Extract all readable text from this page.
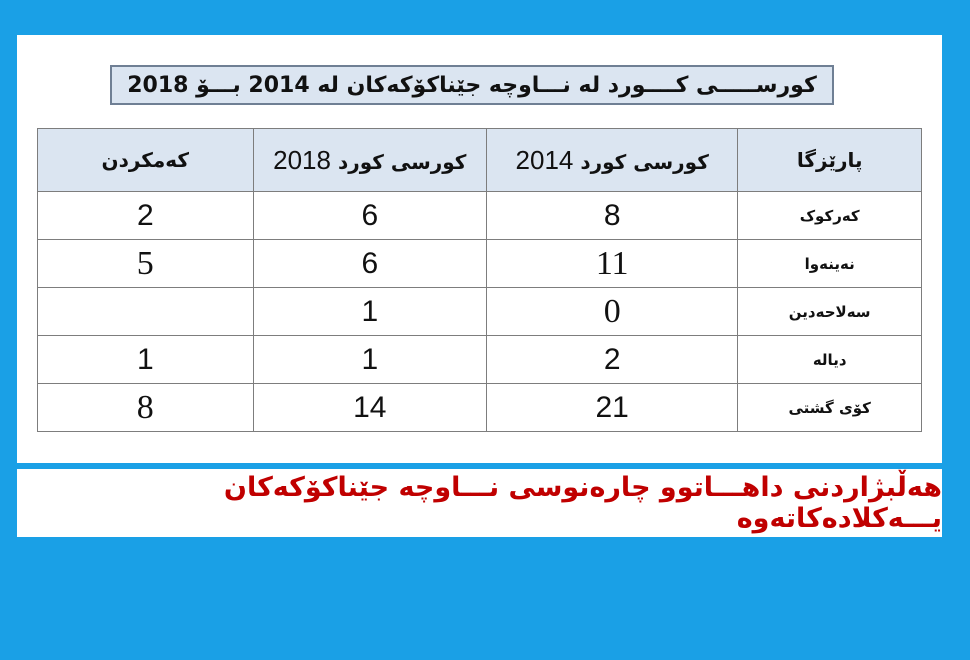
کورســـــی کــــورد لە نـــاوچە جێناکۆکەکان لە 2014 بـــۆ 2018
پارێزگا	کورسی کورد 2014	کورسی کورد 2018	کەمکردن
کەرکوک	8	6	2
نەینەوا	11	6	5
سەلاحەدین	0	1	
دیالە	2	1	1
کۆی گشتی	21	14	8
هەڵبژاردنی داهـــاتوو چارەنوسی نـــاوچە جێناکۆکەکان یـــەکلادەکاتەوە
